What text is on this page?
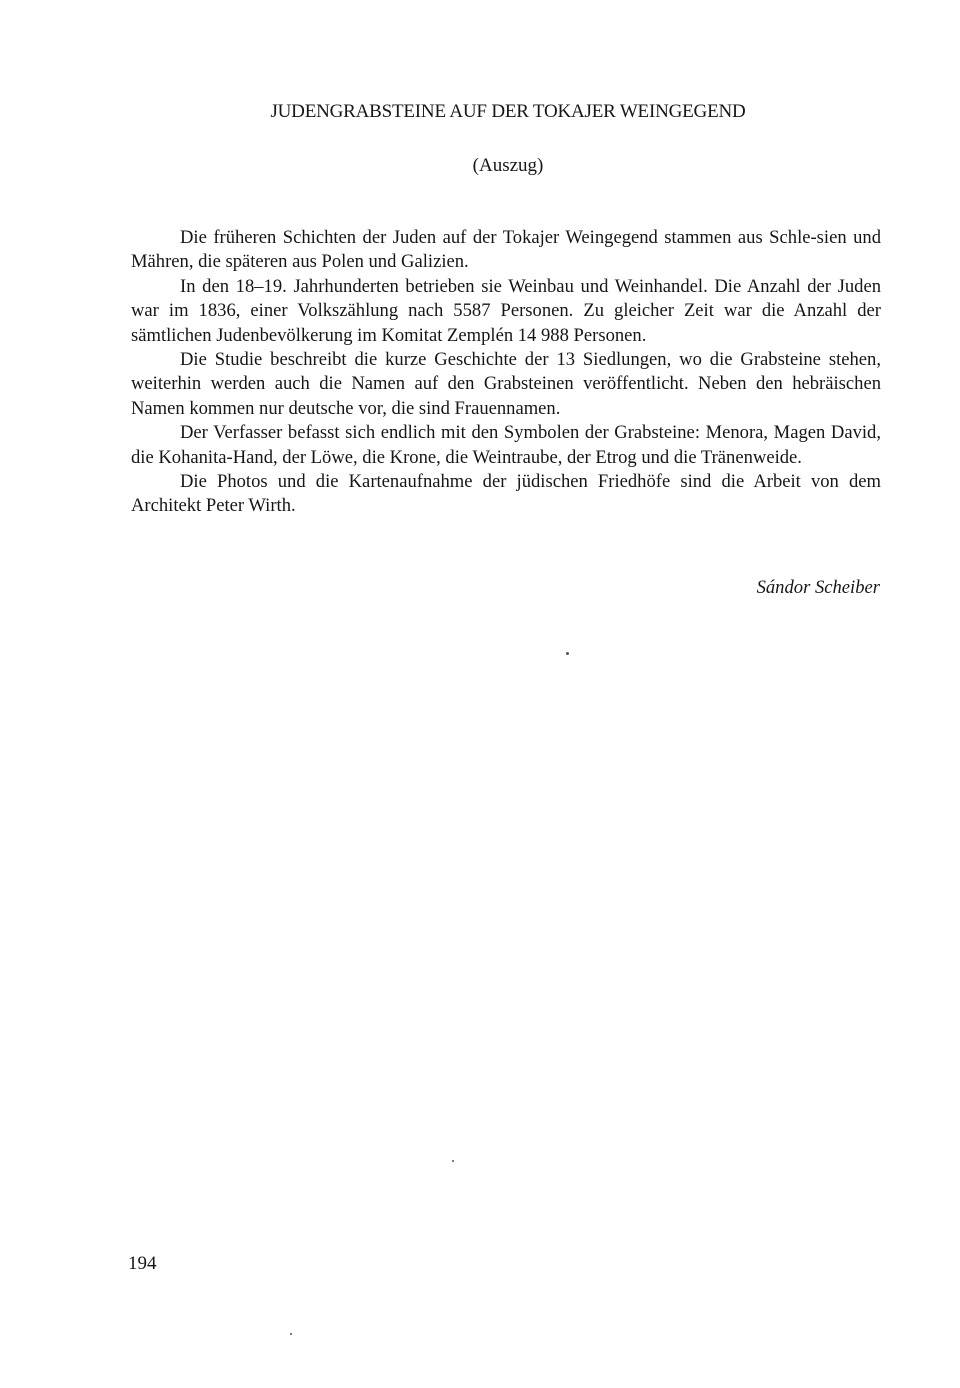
JUDENGRABSTEINE AUF DER TOKAJER WEINGEGEND

(Auszug)

Die früheren Schichten der Juden auf der Tokajer Weingegend stammen aus Schle-sien und Mähren, die späteren aus Polen und Galizien.

In den 18–19. Jahrhunderten betrieben sie Weinbau und Weinhandel. Die Anzahl der Juden war im 1836, einer Volkszählung nach 5587 Personen. Zu gleicher Zeit war die Anzahl der sämtlichen Judenbevölkerung im Komitat Zemplén 14 988 Personen.

Die Studie beschreibt die kurze Geschichte der 13 Siedlungen, wo die Grabsteine stehen, weiterhin werden auch die Namen auf den Grabsteinen veröffentlicht. Neben den hebräischen Namen kommen nur deutsche vor, die sind Frauennamen.

Der Verfasser befasst sich endlich mit den Symbolen der Grabsteine: Menora, Magen David, die Kohanita-Hand, der Löwe, die Krone, die Weintraube, der Etrog und die Tränenweide.

Die Photos und die Kartenaufnahme der jüdischen Friedhöfe sind die Arbeit von dem Architekt Peter Wirth.

Sándor Scheiber

194
